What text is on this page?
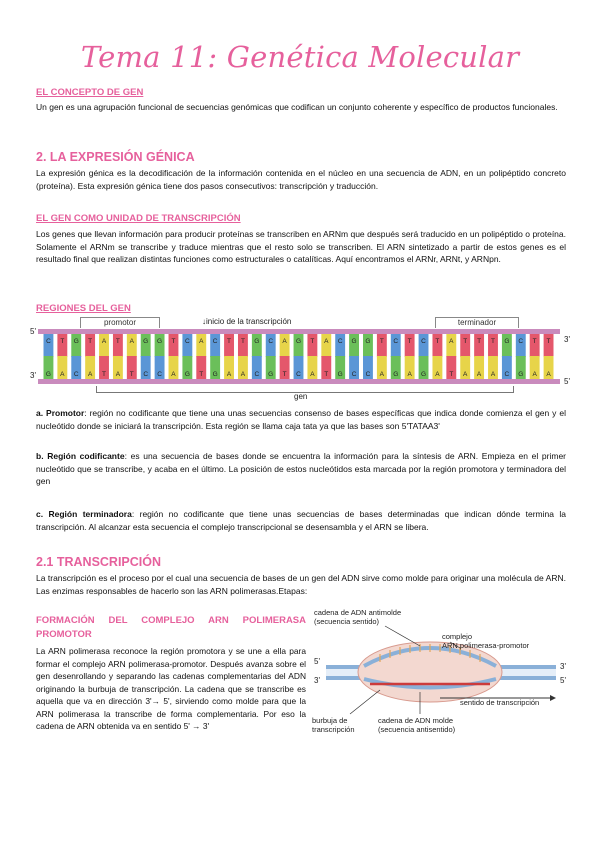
Tema 11: Genética Molecular
EL CONCEPTO DE GEN
Un gen es una agrupación funcional de secuencias genómicas que codifican un conjunto coherente y específico de productos funcionales.
2. LA EXPRESIÓN GÉNICA
La expresión génica es la decodificación de la información contenida en el núcleo en una secuencia de ADN, en un polipéptido concreto (proteína). Esta expresión génica tiene dos pasos consecutivos: transcripción y traducción.
EL GEN COMO UNIDAD DE TRANSCRIPCIÓN
Los genes que llevan información para producir proteínas se transcriben en ARNm que después será traducido en un polipéptido o proteína. Solamente el ARNm se transcribe y traduce mientras que el resto solo se transcriben. El ARN sintetizado a partir de estos genes es el resultado final que realizan distintas funciones como estructurales o catalíticas. Aquí encontramos el ARNr, ARNt, y ARNpn.
REGIONES DEL GEN
promotor	↓inicio de la transcripción	terminador
5'
3'
3'
5'
C
G
T
A
G
C
T
A
A
T
T
A
A
T
G
C
G
C
T
A
C
G
A
T
C
G
T
A
T
A
G
C
C
G
A
T
G
C
T
A
A
T
C
G
G
C
G
C
T
A
C
G
T
A
C
G
T
A
A
T
T
A
T
A
T
A
G
C
C
G
T
A
T
A
gen
a. Promotor: región no codificante que tiene una unas secuencias consenso de bases específicas que indica donde comienza el gen y el nucleótido donde se iniciará la transcripción. Esta región se llama caja tata ya que las bases son 5'TATAA3'
b. Región codificante: es una secuencia de bases donde se encuentra la información para la síntesis de ARN. Empieza en el primer nucleótido que se transcribe, y acaba en el último. La posición de estos nucleótidos esta marcada por la región promotora y terminadora del gen
c. Región terminadora: región no codificante que tiene unas secuencias de bases determinadas que indican dónde termina la transcripción. Al alcanzar esta secuencia el complejo transcripcional se desensambla y el ARN se libera.
2.1 TRANSCRIPCIÓN
La transcripción es el proceso por el cual una secuencia de bases de un gen del ADN sirve como molde para originar una molécula de ARN. Las enzimas responsables de hacerlo son las ARN polimerasas.Etapas:
FORMACIÓN DEL COMPLEJO ARN POLIMERASA
PROMOTOR
La ARN polimerasa reconoce la región promotora y se une a ella para formar el complejo ARN polimerasa-promotor. Después avanza sobre el gen desenrollando y separando las cadenas complementarias del ADN originando la burbuja de transcripción. La cadena que se transcribe es aquella que va en dirección 3'→ 5', sirviendo como molde para que la ARN polimerasa la transcribe de forma complementaria. Por eso la cadena de ARN obtenida va en sentido 5' → 3'
cadena de ADN antimolde
(secuencia sentido)
complejo
ARN polimerasa-promotor
5'
3'
3'
5'
sentido de transcripción
burbuja de
transcripción
cadena de ADN molde
(secuencia antisentido)
